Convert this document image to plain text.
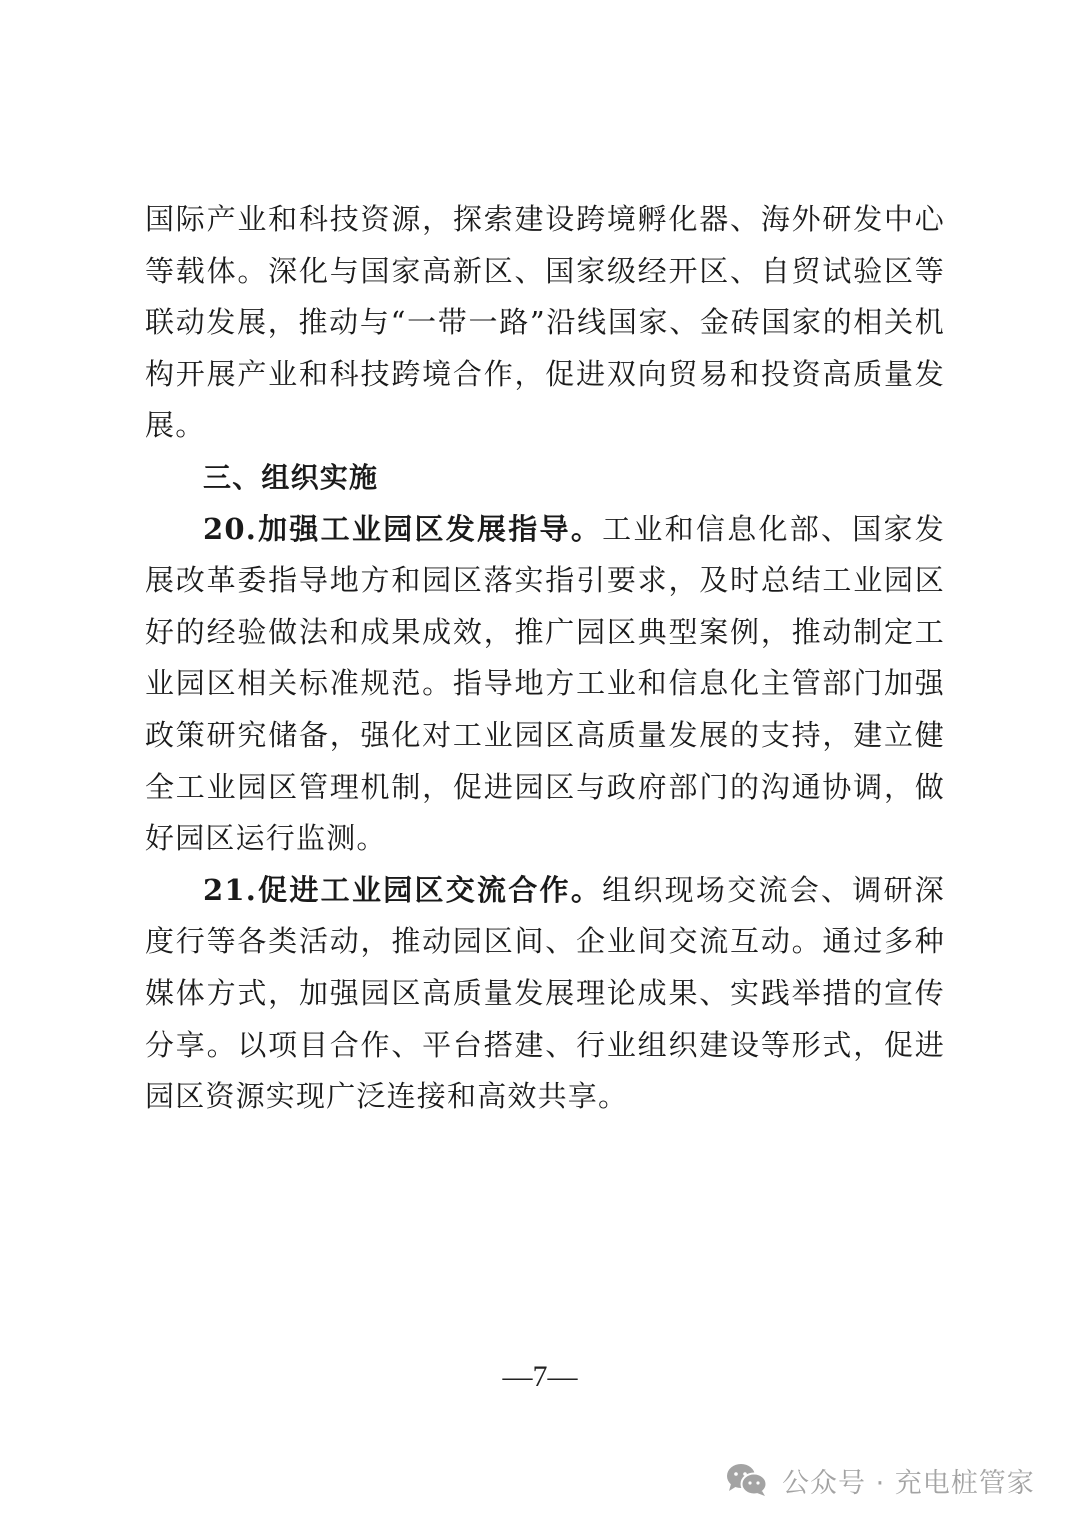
国际产业和科技资源，探索建设跨境孵化器、海外研发中心等载体。深化与国家高新区、国家级经开区、自贸试验区等联动发展，推动与“一带一路”沿线国家、金砖国家的相关机构开展产业和科技跨境合作，促进双向贸易和投资高质量发展。

三、组织实施

20.加强工业园区发展指导。工业和信息化部、国家发展改革委指导地方和园区落实指引要求，及时总结工业园区好的经验做法和成果成效，推广园区典型案例，推动制定工业园区相关标准规范。指导地方工业和信息化主管部门加强政策研究储备，强化对工业园区高质量发展的支持，建立健全工业园区管理机制，促进园区与政府部门的沟通协调，做好园区运行监测。

21.促进工业园区交流合作。组织现场交流会、调研深度行等各类活动，推动园区间、企业间交流互动。通过多种媒体方式，加强园区高质量发展理论成果、实践举措的宣传分享。以项目合作、平台搭建、行业组织建设等形式，促进园区资源实现广泛连接和高效共享。

—7—
公众号 · 充电桩管家
